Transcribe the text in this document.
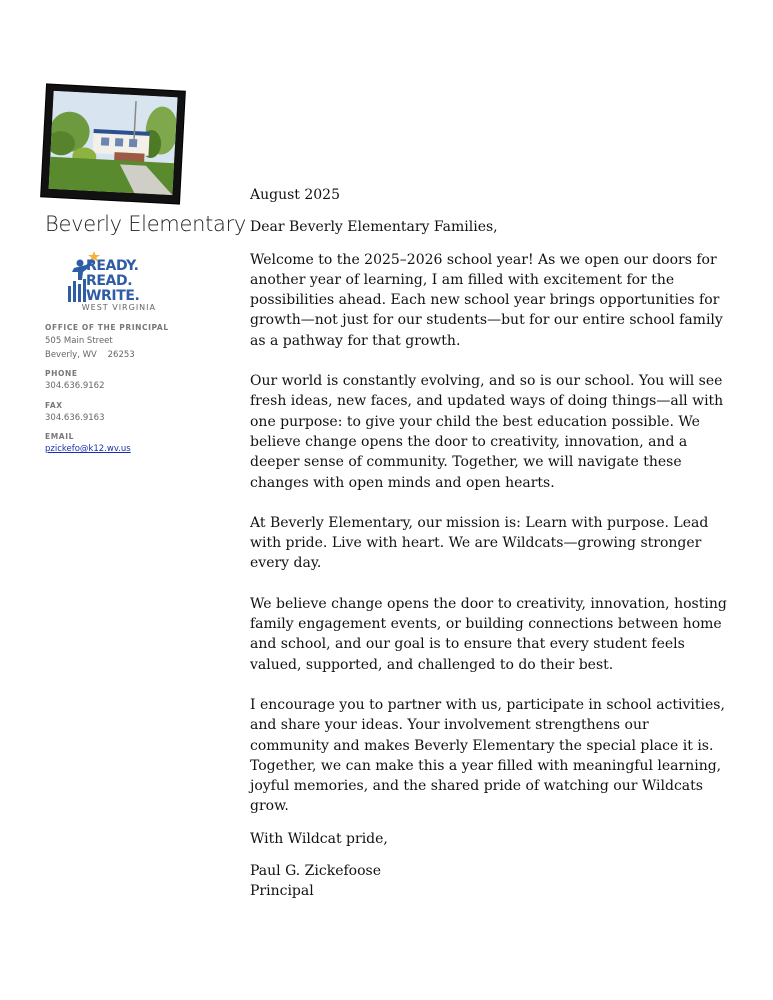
Beverly Elementary
READY.
READ.
WRITE.
WEST VIRGINIA
OFFICE OF THE PRINCIPAL
505 Main Street
Beverly, WV    26253
PHONE
304.636.9162
FAX
304.636.9163
EMAIL
pzickefo@k12.wv.us

August 2025

Dear Beverly Elementary Families,

Welcome to the 2025–2026 school year! As we open our doors for another year of learning, I am filled with excitement for the possibilities ahead. Each new school year brings opportunities for growth—not just for our students—but for our entire school family as a pathway for that growth.

Our world is constantly evolving, and so is our school. You will see fresh ideas, new faces, and updated ways of doing things—all with one purpose: to give your child the best education possible. We believe change opens the door to creativity, innovation, and a deeper sense of community. Together, we will navigate these changes with open minds and open hearts.

At Beverly Elementary, our mission is: Learn with purpose. Lead with pride. Live with heart. We are Wildcats—growing stronger every day.

We believe change opens the door to creativity, innovation, hosting family engagement events, or building connections between home and school, and our goal is to ensure that every student feels valued, supported, and challenged to do their best.

I encourage you to partner with us, participate in school activities, and share your ideas. Your involvement strengthens our community and makes Beverly Elementary the special place it is. Together, we can make this a year filled with meaningful learning, joyful memories, and the shared pride of watching our Wildcats grow.

With Wildcat pride,

Paul G. Zickefoose

Principal
